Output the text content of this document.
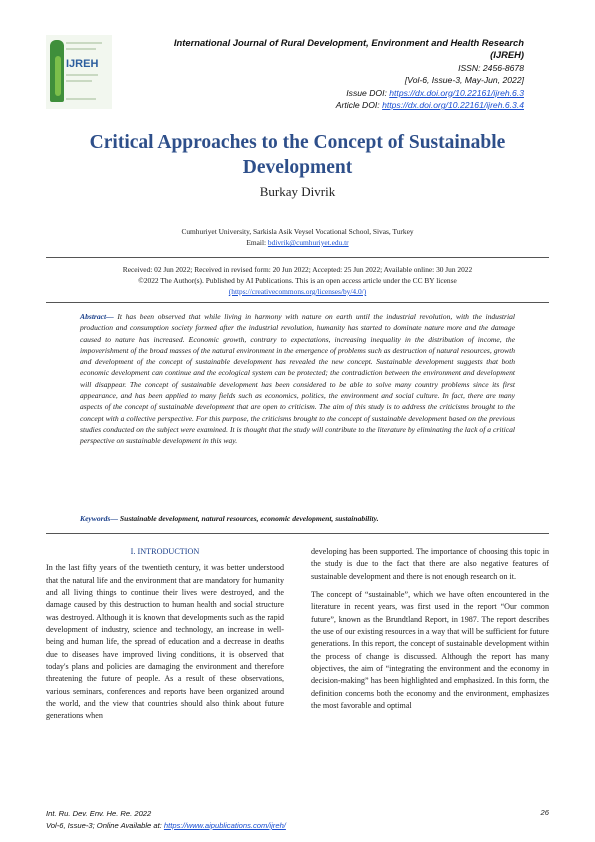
IJREH
International Journal of Rural Development, Environment and Health Research
(IJREH)
ISSN: 2456-8678
[Vol-6, Issue-3, May-Jun, 2022]
Issue DOI: https://dx.doi.org/10.22161/ijreh.6.3
Article DOI: https://dx.doi.org/10.22161/ijreh.6.3.4
Critical Approaches to the Concept of Sustainable Development
Burkay Divrik
Cumhuriyet University, Sarkisla Asik Veysel Vocational School, Sivas, Turkey
Email: bdivrik@cumhuriyet.edu.tr
Received: 02 Jun 2022; Received in revised form: 20 Jun 2022; Accepted: 25 Jun 2022; Available online: 30 Jun 2022
©2022 The Author(s). Published by AI Publications. This is an open access article under the CC BY license
(https://creativecommons.org/licenses/by/4.0/)
Abstract— It has been observed that while living in harmony with nature on earth until the industrial revolution, with the industrial production and consumption society formed after the industrial revolution, humanity has started to dominate nature more and the damage caused to nature has increased. Economic growth, contrary to expectations, increasing inequality in the distribution of income, the impoverishment of the broad masses of the natural environment in the emergence of problems such as destruction of natural resources, growth and development of the concept of sustainable development has revealed the new concept. Sustainable development suggests that both economic development can continue and the ecological system can be protected; the contradiction between the environment and development will disappear. The concept of sustainable development has been considered to be able to solve many country problems since its first appearance, and has been applied to many fields such as economics, politics, the environment and social culture. In fact, there are many aspects of the concept of sustainable development that are open to criticism. The aim of this study is to address the criticisms brought to the concept with a collective perspective. For this purpose, the criticisms brought to the concept of sustainable development based on the previous studies conducted on the subject were examined. It is thought that the study will contribute to the literature by eliminating the lack of a critical perspective on sustainable development in this way.
Keywords— Sustainable development, natural resources, economic development, sustainability.
I. INTRODUCTION

In the last fifty years of the twentieth century, it was better understood that the natural life and the environment that are mandatory for humanity and all living things to continue their lives were destroyed, and the damage caused by this destruction to human health and social structure was destroyed. Although it is known that developments such as the rapid development of industry, science and technology, an increase in well-being and human life, the spread of education and a decrease in deaths due to diseases have improved living conditions, it is observed that today's plans and policies are damaging the environment and therefore threatening the future of people. As a result of these observations, various seminars, conferences and reports have been organized around the world, and the view that countries should also think about future generations when

developing has been supported. The importance of choosing this topic in the study is due to the fact that there are also negative features of sustainable development and there is not enough research on it.

The concept of “sustainable”, which we have often encountered in the literature in recent years, was first used in the report “Our common future”, known as the Brundtland Report, in 1987. The report describes the use of our existing resources in a way that will be sufficient for future generations. In this report, the concept of sustainable development within the process of change is discussed. Although the report has many objectives, the aim of “integrating the environment and the economy in decision-making” has been highlighted and emphasized. In this form, the definition concerns both the economy and the environment, emphasizes the most favorable and optimal

Int. Ru. Dev. Env. He. Re. 2022
Vol-6, Issue-3; Online Available at: https://www.aipublications.com/ijreh/
26
